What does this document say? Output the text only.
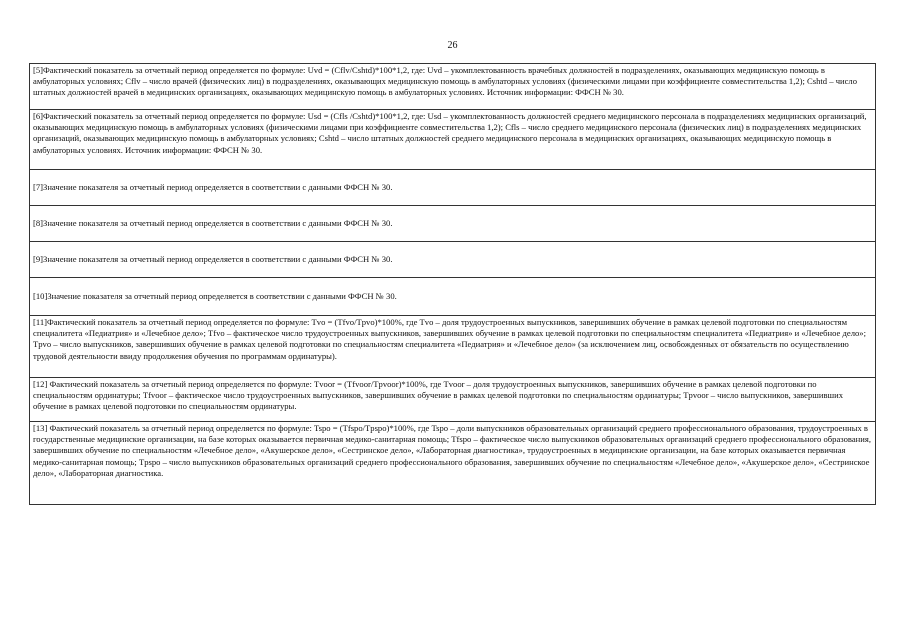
26
[5]Фактический показатель за отчетный период определяется по формуле: Uvd = (Cflv/Cshtd)*100*1,2, где: Uvd – укомплектованность врачебных должностей в подразделениях, оказывающих медицинскую помощь в амбулаторных условиях; Cflv – число врачей (физических лиц) в подразделениях, оказывающих медицинскую помощь в амбулаторных условиях (физическими лицами при коэффициенте совместительства 1,2); Cshtd – число штатных должностей врачей в медицинских организациях, оказывающих медицинскую помощь в амбулаторных условиях. Источник информации: ФФСН № 30.
[6]Фактический показатель за отчетный период определяется по формуле: Usd = (Cfls /Cshtd)*100*1,2, где: Usd – укомплектованность должностей среднего медицинского персонала в подразделениях медицинских организаций, оказывающих медицинскую помощь в амбулаторных условиях (физическими лицами при коэффициенте совместительства 1,2); Cfls – число среднего медицинского персонала (физических лиц) в подразделениях медицинских организаций, оказывающих медицинскую помощь в амбулаторных условиях; Cshtd – число штатных должностей среднего медицинского персонала в медицинских организациях, оказывающих медицинскую помощь в амбулаторных условиях. Источник информации: ФФСН № 30.
[7]Значение показателя за отчетный период определяется в соответствии с данными ФФСН № 30.
[8]Значение показателя за отчетный период определяется в соответствии с данными ФФСН № 30.
[9]Значение показателя за отчетный период определяется в соответствии с данными ФФСН № 30.
[10]Значение показателя за отчетный период определяется в соответствии с данными ФФСН № 30.
[11]Фактический показатель за отчетный период определяется по формуле: Tvo = (Tfvo/Tpvo)*100%, где Tvo – доля трудоустроенных выпускников, завершивших обучение в рамках целевой подготовки по специальностям специалитета «Педиатрия» и «Лечебное дело»; Tfvo – фактическое число трудоустроенных выпускников, завершивших обучение в рамках целевой подготовки по специальностям специалитета «Педиатрия» и «Лечебное дело»; Tpvo – число выпускников, завершивших обучение в рамках целевой подготовки по специальностям специалитета «Педиатрия» и «Лечебное дело» (за исключением лиц, освобожденных от обязательств по осуществлению трудовой деятельности ввиду продолжения обучения по программам ординатуры).
[12] Фактический показатель за отчетный период определяется по формуле: Tvoor = (Tfvoor/Tpvoor)*100%, где Tvoor – доля трудоустроенных выпускников, завершивших обучение в рамках целевой подготовки по специальностям ординатуры; Tfvoor – фактическое число трудоустроенных выпускников, завершивших обучение в рамках целевой подготовки по специальностям ординатуры; Tpvoor – число выпускников, завершивших обучение в рамках целевой подготовки по специальностям ординатуры.
[13] Фактический показатель за отчетный период определяется по формуле: Tspo = (Tfspo/Tpspo)*100%, где Tspo – доли выпускников образовательных организаций среднего профессионального образования, трудоустроенных в государственные медицинские организации, на базе которых оказывается первичная медико-санитарная помощь; Tfspo – фактическое число выпускников образовательных организаций среднего профессионального образования, завершивших обучение по специальностям «Лечебное дело», «Акушерское дело», «Сестринское дело», «Лабораторная диагностика», трудоустроенных в медицинские организации, на базе которых оказывается первичная медико-санитарная помощь; Tpspo – число выпускников образовательных организаций среднего профессионального образования, завершивших обучение по специальностям «Лечебное дело», «Акушерское дело», «Сестринское дело», «Лабораторная диагностика.
